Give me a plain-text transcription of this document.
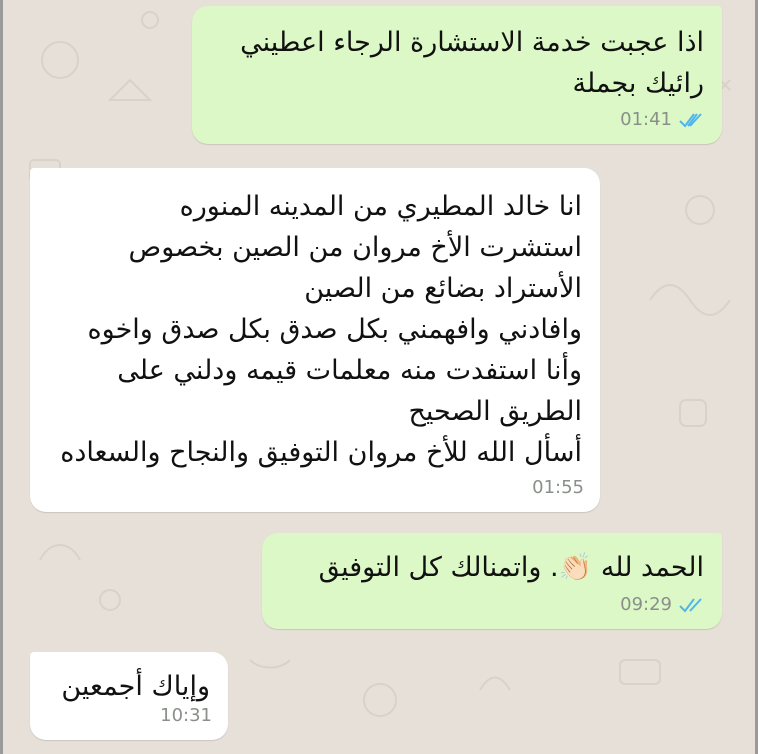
اذا عجبت خدمة الاستشارة الرجاء اعطيني
رائيك بجملة
01:41
انا خالد المطيري من المدينه المنوره
استشرت الأخ مروان من الصين بخصوص
الأستراد بضائع من الصين
وافادني وافهمني بكل صدق بكل صدق واخوه
وأنا استفدت منه معلمات قيمه ودلني على
الطريق الصحيح
أسأل الله للأخ مروان التوفيق والنجاح والسعاده
01:55
الحمد لله 👏🏻. واتمنالك كل التوفيق
09:29
وإياك أجمعين
10:31
